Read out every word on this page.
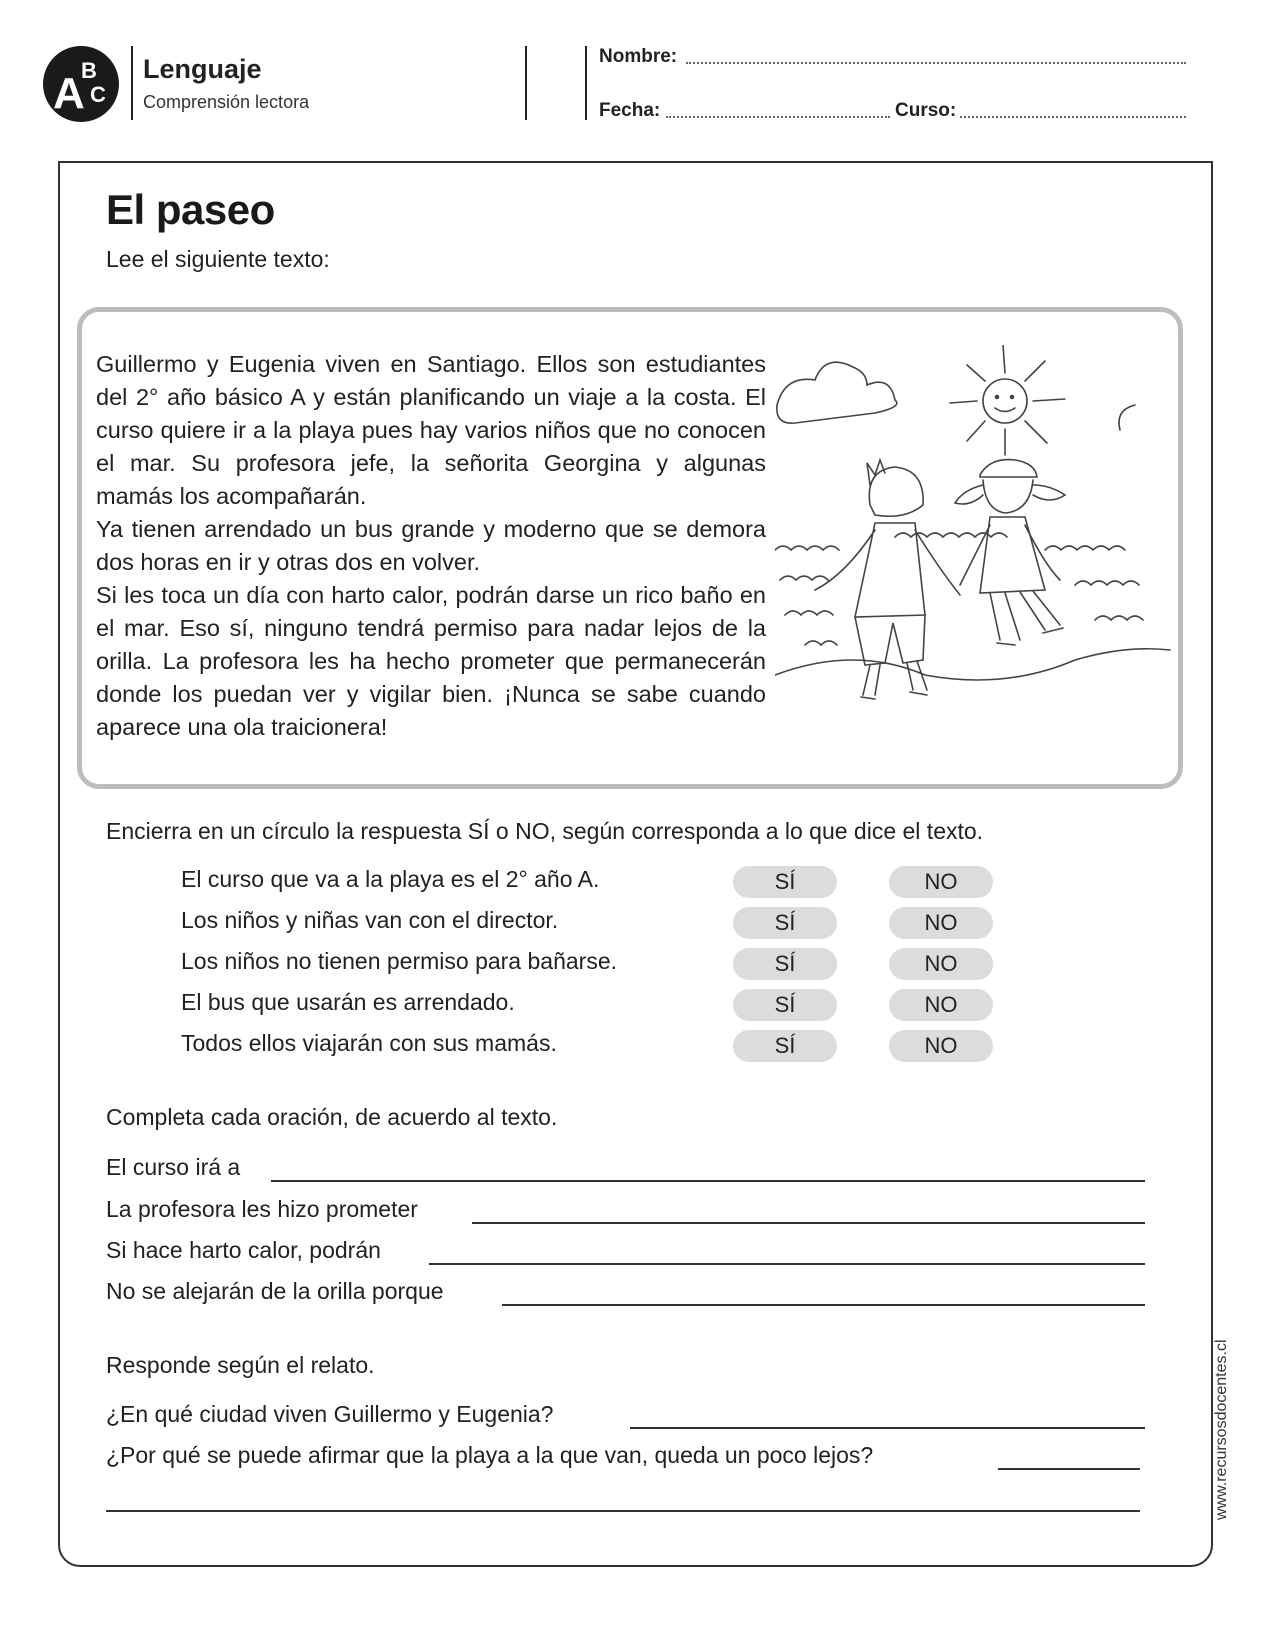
A
B
C
Lenguaje
Comprensión lectora
Nombre:
Fecha:	Curso:
El paseo
Lee el siguiente texto:

Guillermo y Eugenia viven en Santiago. Ellos son estudiantes del 2° año básico A y están planificando un viaje a la costa. El curso quiere ir a la playa pues hay varios niños que no conocen el mar. Su profesora jefe, la señorita Georgina y algunas mamás los acompañarán.

Ya tienen arrendado un bus grande y moderno que se demora dos horas en ir y otras dos en volver.

Si les toca un día con harto calor, podrán darse un rico baño en el mar. Eso sí, ninguno tendrá permiso para nadar lejos de la orilla. La profesora les ha hecho prometer que permanecerán donde los puedan ver y vigilar bien. ¡Nunca se sabe cuando aparece una ola traicionera!

Encierra en un círculo la respuesta SÍ o NO, según corresponda a lo que dice el texto.
El curso que va a la playa es el 2° año A.	SÍ	NO
Los niños y niñas van con el director.	SÍ	NO
Los niños no tienen permiso para bañarse.	SÍ	NO
El bus que usarán es arrendado.	SÍ	NO
Todos ellos viajarán con sus mamás.	SÍ	NO
Completa cada oración, de acuerdo al texto.
El curso irá a
La profesora les hizo prometer
Si hace harto calor, podrán
No se alejarán de la orilla porque
Responde según el relato.
¿En qué ciudad viven Guillermo y Eugenia?
¿Por qué se puede afirmar que la playa a la que van, queda un poco lejos?	www.recursosdocentes.cl
